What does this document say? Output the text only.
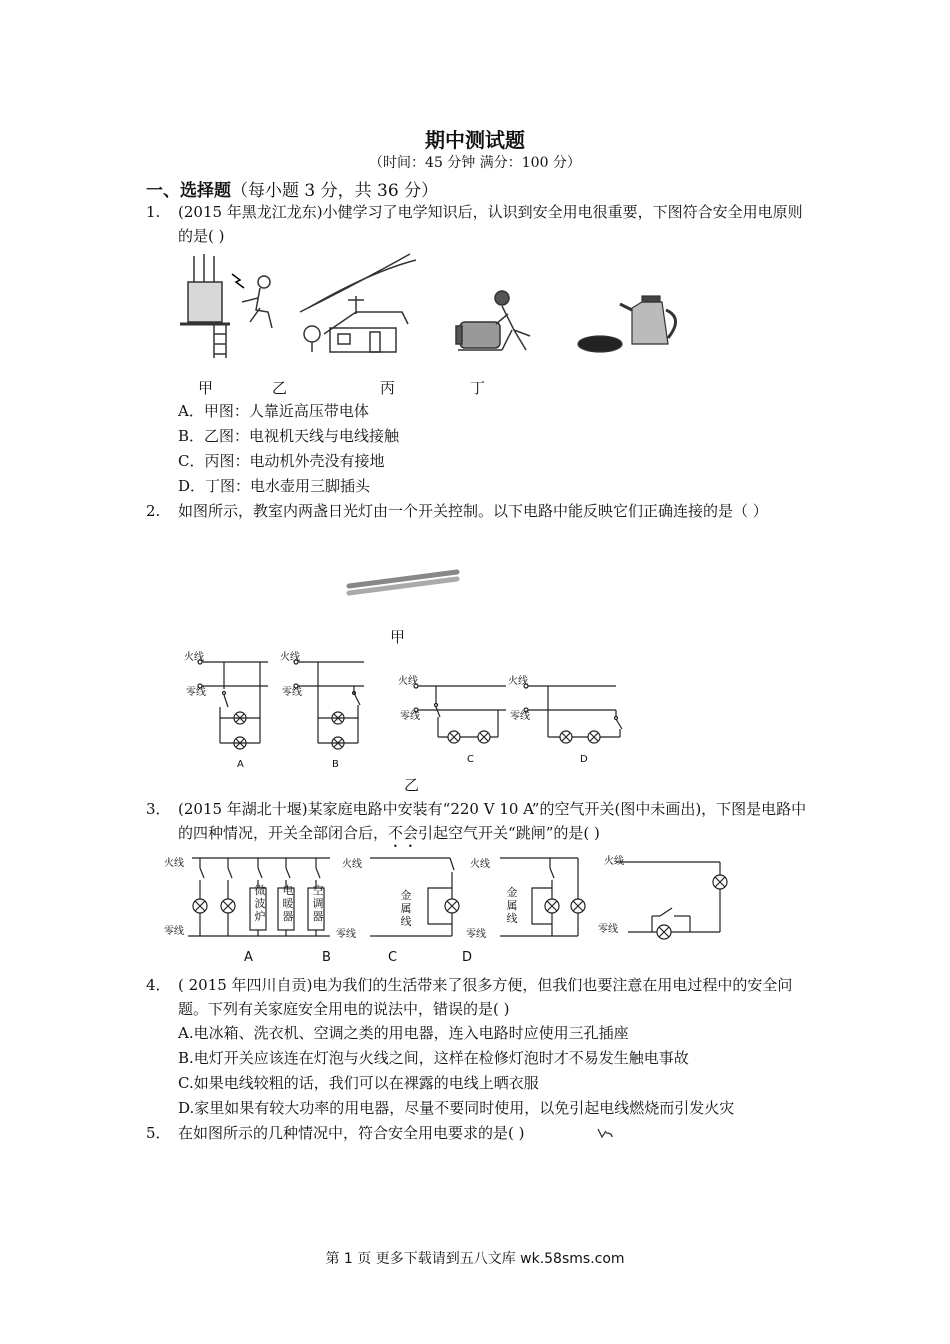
期中测试题
（时间：45 分钟 满分：100 分）
一、选择题（每小题 3 分，共 36 分）
1.	(2015 年黑龙江龙东)小健学习了电学知识后，认识到安全用电很重要，下图符合安全用电原则的是( )
甲	乙	丙	丁
A．甲图：人靠近高压带电体
B．乙图：电视机天线与电线接触
C．丙图：电动机外壳没有接地
D．丁图：电水壶用三脚插头
2.	如图所示，教室内两盏日光灯由一个开关控制。以下电路中能反映它们正确连接的是（ ）
甲
火线
零线
火线
零线
火线
零线
火线
零线
A	B	C	D
乙
3． (2015 年湖北十堰)某家庭电路中安装有“220 V 10 A”的空气开关(图中未画出)，下图是电路中的四种情况，开关全部闭合后，不会引起空气开关“跳闸”的是( )
火线
零线
微波炉
电暖器
空调器
火线
零线
金属线
火线
零线
金属线
火线
零线
A	B	C	D
4． ( 2015 年四川自贡)电为我们的生活带来了很多方便，但我们也要注意在用电过程中的安全问题。下列有关家庭安全用电的说法中，错误的是( )
A.电冰箱、洗衣机、空调之类的用电器，连入电路时应使用三孔插座
B.电灯开关应该连在灯泡与火线之间，这样在检修灯泡时才不易发生触电事故
C.如果电线较粗的话，我们可以在裸露的电线上晒衣服
D.家里如果有较大功率的用电器，尽量不要同时使用，以免引起电线燃烧而引发火灾
5． 在如图所示的几种情况中，符合安全用电要求的是( )
第 1 页 更多下载请到五八文库 wk.58sms.com
